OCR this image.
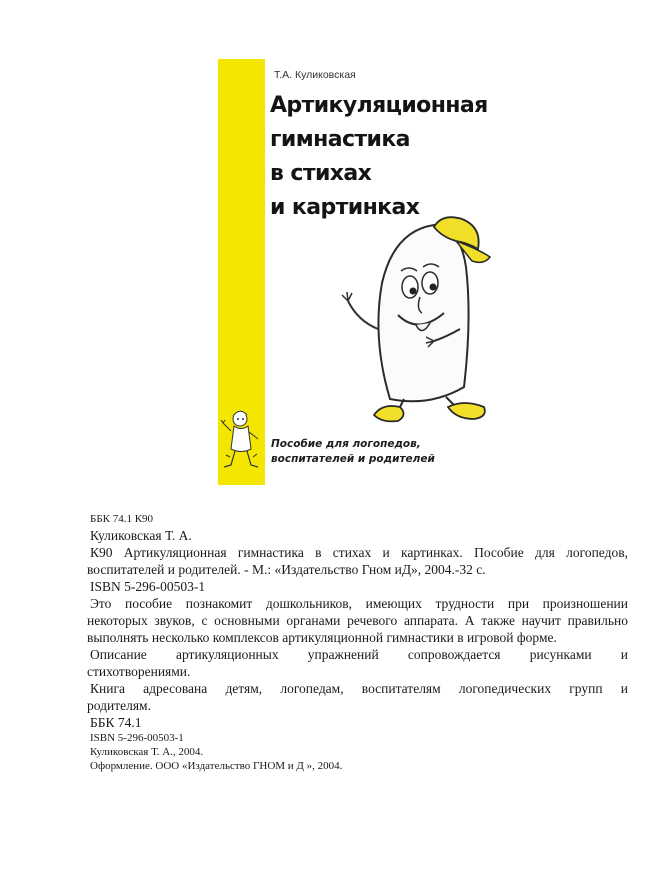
Т.А. Куликовская
Артикуляционная
гимнастика
в стихах
и картинках
Пособие для логопедов,
воспитателей и родителей

ББК 74.1 К90

Куликовская Т. А.

К90 Артикуляционная гимнастика в стихах и картинках. Пособие для логопедов,

воспитателей и родителей. - М.: «Издательство Гном иД», 2004.-32 с.

ISBN 5-296-00503-1

Это пособие познакомит дошкольников, имеющих трудности при произношении

некоторых звуков, с основными органами речевого аппарата. А также научит правильно

выполнять несколько комплексов артикуляционной гимнастики в игровой форме.

Описание артикуляционных упражнений сопровождается рисунками и

стихотворениями.

Книга адресована детям, логопедам, воспитателям логопедических групп и

родителям.

ББК 74.1

ISBN 5-296-00503-1

Куликовская Т. А., 2004.

Оформление. ООО «Издательство ГНОМ и Д », 2004.
